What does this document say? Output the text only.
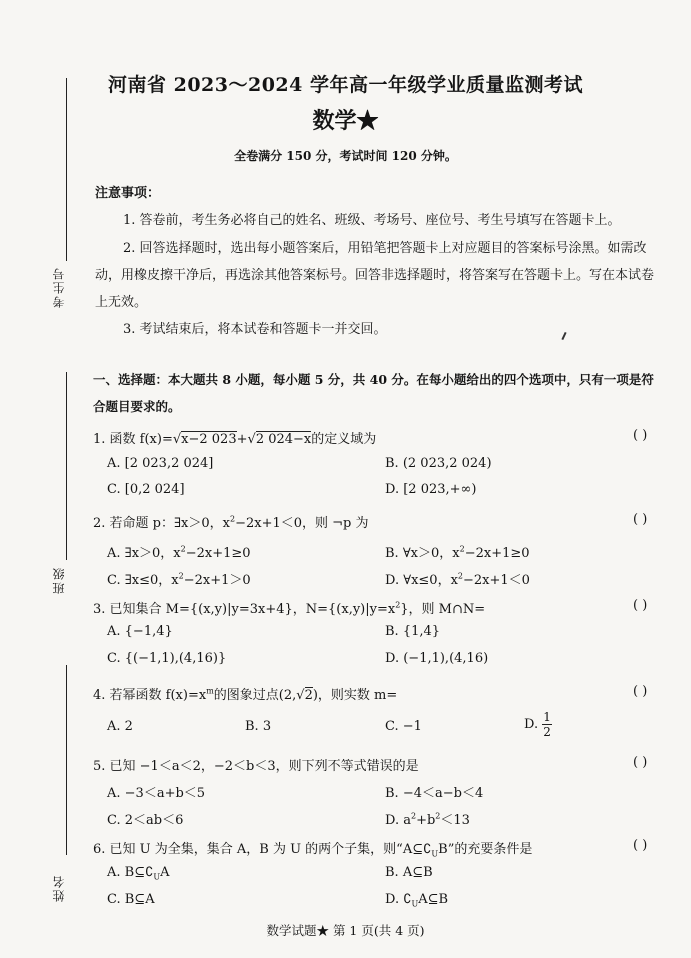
河南省 2023～2024 学年高一年级学业质量监测考试
数学★
全卷满分 150 分，考试时间 120 分钟。
考生号
班级
姓名
注意事项：
1. 答卷前，考生务必将自己的姓名、班级、考场号、座位号、考生号填写在答题卡上。
2. 回答选择题时，选出每小题答案后，用铅笔把答题卡上对应题目的答案标号涂黑。如需改
动，用橡皮擦干净后，再选涂其他答案标号。回答非选择题时，将答案写在答题卡上。写在本试卷
上无效。
3. 考试结束后，将本试卷和答题卡一并交回。
一、选择题：本大题共 8 小题，每小题 5 分，共 40 分。在每小题给出的四个选项中，只有一项是符
合题目要求的。
1. 函数 f(x)=√x−2 023+√2 024−x的定义域为	( )
A. [2 023,2 024]	B. (2 023,2 024)
C. [0,2 024]	D. [2 023,+∞)
2. 若命题 p：∃x＞0，$x^2-2x+1<0$，则 ¬p 为	( )
A. ∃x＞0，$x^2-2x+1\ge 0$	B. ∀x＞0，$x^2-2x+1\ge 0$
C. ∃x≤0，$x^2-2x+1>0$	D. ∀x≤0，$x^2-2x+1<0$
3. 已知集合 M={(x,y)|y=3x+4}，$N=\{(x,y)|y=x^2\}$，则 M∩N=	( )
A. {−1,4}	B. {1,4}
C. {(−1,1),(4,16)}	D. (−1,1),(4,16)
4. 若幂函数 $f(x)=x^m$的图象过点(2,√2)，则实数 m=	( )
A. 2	B. 3	C. −1	D. $\frac{1}{2}$
5. 已知 −1＜a＜2，−2＜b＜3，则下列不等式错误的是	( )
A. −3＜a+b＜5	B. −4＜a−b＜4
C. 2＜ab＜6	D. $a^2+b^2<13$
6. 已知 U 为全集，集合 A，B 为 U 的两个子集，则“$A⊆∁_UB$”的充要条件是	( )
A. $B⊆∁_UA$	B. A⊆B
C. B⊆A	D. $∁_UA⊆B$
数学试题★ 第 1 页(共 4 页)
